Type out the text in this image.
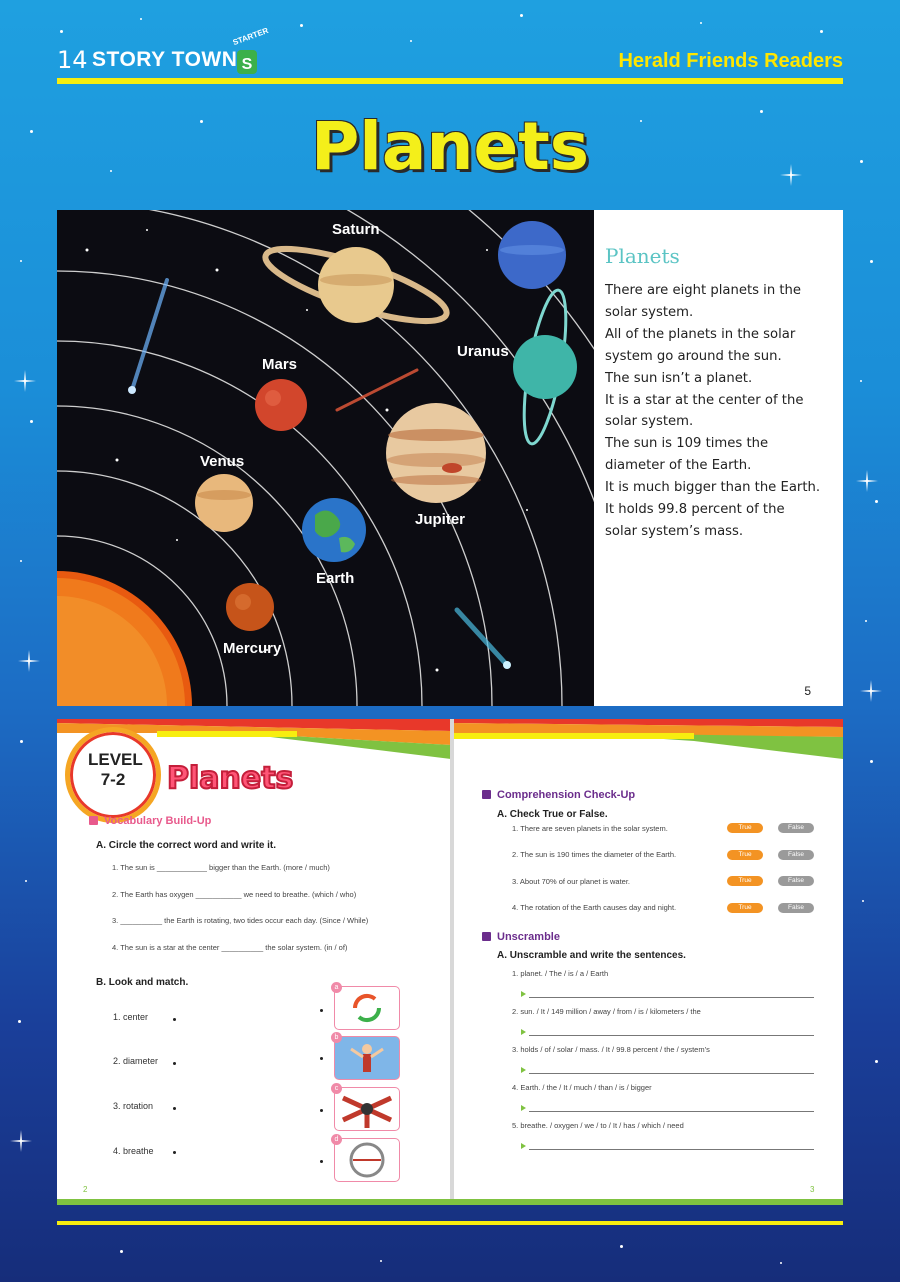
14 STORY TOWN
STARTER
S	Herald Friends Readers
Planets
Saturn
Uranus
Mars
Venus
Jupiter
Earth
Mercury
Planets
There are eight planets in the
solar system.
All of the planets in the solar
system go around the sun.
The sun isn’t a planet.
It is a star at the center of the
solar system.
The sun is 109 times the
diameter of the Earth.
It is much bigger than the Earth.
It holds 99.8 percent of the
solar system’s mass.
5
LEVEL
7-2	Planets
Vocabulary Build-Up
A. Circle the correct word and write it.
1. The sun is ____________ bigger than the Earth. (more / much)
2. The Earth has oxygen ___________ we need to breathe. (which / who)
3. __________ the Earth is rotating, two tides occur each day. (Since / While)
4. The sun is a star at the center __________ the solar system. (in / of)
B. Look and match.
1. center
2. diameter
3. rotation
4. breathe
a
b
c
d
2
Comprehension Check-Up
A. Check True or False.
1. There are seven planets in the solar system.	True	False
2. The sun is 190 times the diameter of the Earth.	True	False
3. About 70% of our planet is water.	True	False
4. The rotation of the Earth causes day and night.	True	False
Unscramble
A. Unscramble and write the sentences.
1. planet. / The / is / a / Earth
2. sun. / It / 149 million / away / from / is / kilometers / the
3. holds / of / solar / mass. / It / 99.8 percent / the / system’s
4. Earth. / the / It / much / than / is / bigger
5. breathe. / oxygen / we / to / It / has / which / need
3
